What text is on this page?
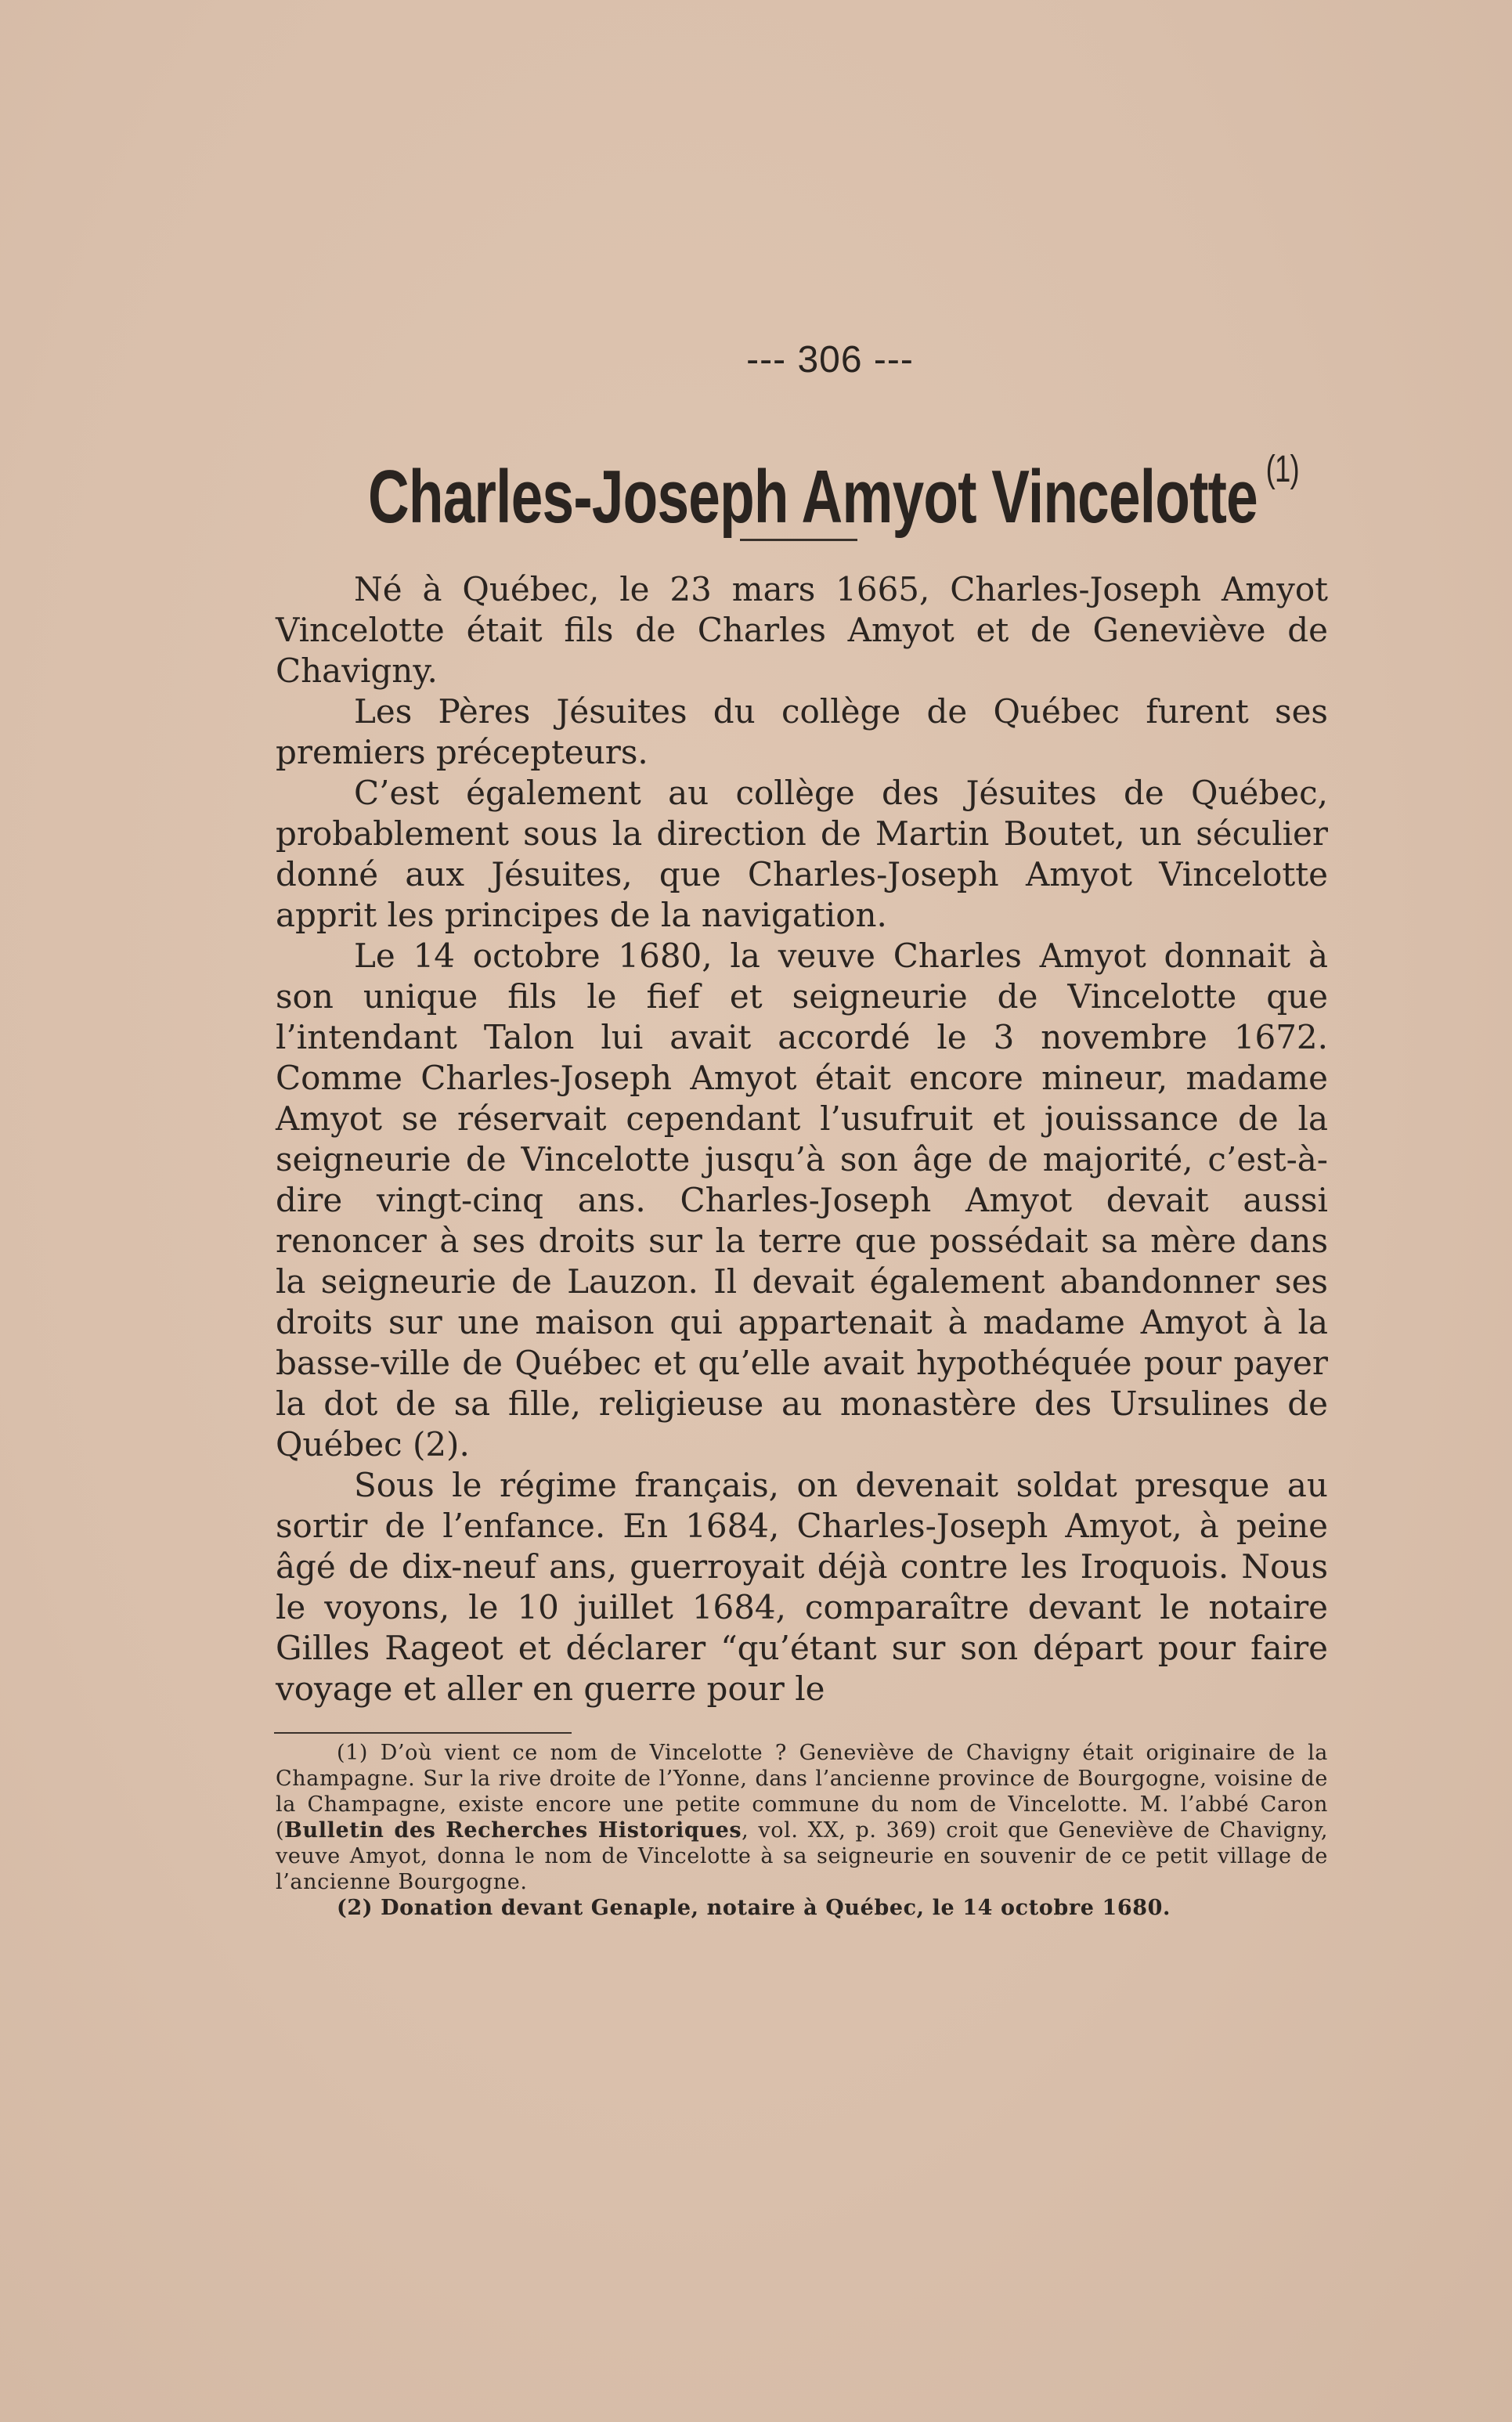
--- 306 ---
Charles-Joseph Amyot Vincelotte $^{(1)}$

Né à Québec, le 23 mars 1665, Charles-Joseph Amyot Vincelotte était fils de Charles Amyot et de Geneviève de Chavigny.

Les Pères Jésuites du collège de Québec furent ses premiers précepteurs.

C’est également au collège des Jésuites de Québec, probablement sous la direction de Martin Boutet, un séculier donné aux Jésuites, que Charles-Joseph Amyot Vincelotte apprit les principes de la navigation.

Le 14 octobre 1680, la veuve Charles Amyot donnait à son unique fils le fief et seigneurie de Vincelotte que l’intendant Talon lui avait accordé le 3 novembre 1672. Comme Charles-Joseph Amyot était encore mineur, madame Amyot se réservait cependant l’usufruit et jouissance de la seigneurie de Vincelotte jusqu’à son âge de majorité, c’est-à-dire vingt-cinq ans. Charles-Joseph Amyot devait aussi renoncer à ses droits sur la terre que possédait sa mère dans la seigneurie de Lauzon. Il devait également abandonner ses droits sur une maison qui appartenait à madame Amyot à la basse-ville de Québec et qu’elle avait hypothéquée pour payer la dot de sa fille, religieuse au monastère des Ursulines de Québec (2).

Sous le régime français, on devenait soldat presque au sortir de l’enfance. En 1684, Charles-Joseph Amyot, à peine âgé de dix-neuf ans, guerroyait déjà contre les Iroquois. Nous le voyons, le 10 juillet 1684, comparaître devant le notaire Gilles Rageot et déclarer “qu’étant sur son départ pour faire voyage et aller en guerre pour le

(1) D’où vient ce nom de Vincelotte ? Geneviève de Chavigny était originaire de la Champagne. Sur la rive droite de l’Yonne, dans l’ancienne province de Bourgogne, voisine de la Champagne, existe encore une petite commune du nom de Vincelotte. M. l’abbé Caron (Bulletin des Recherches Historiques, vol. XX, p. 369) croit que Geneviève de Chavigny, veuve Amyot, donna le nom de Vincelotte à sa seigneurie en souvenir de ce petit village de l’ancienne Bourgogne.

(2) Donation devant Genaple, notaire à Québec, le 14 octobre 1680.
